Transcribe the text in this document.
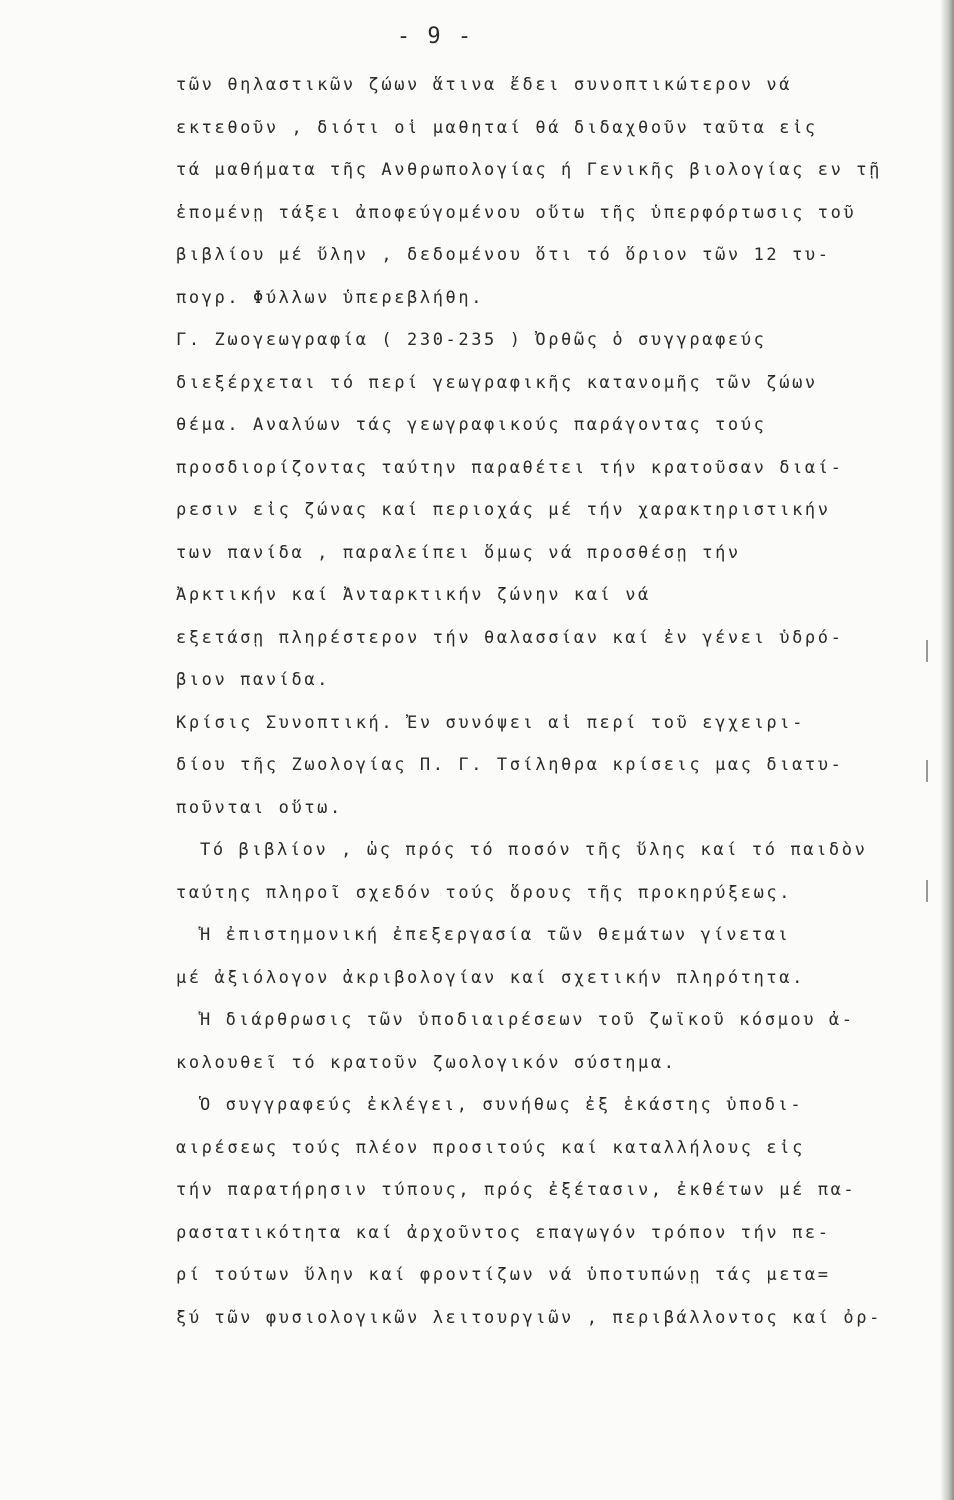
- 9 -
τῶν θηλαστικῶν ζώων ἅτινα ἔδει συνοπτικώτερον νά
εκτεθοῦν , διότι οἱ μαθηταί θά διδαχθοῦν ταῦτα εἰς
τά μαθήματα τῆς Ανθρωπολογίας ή Γενικῆς βιολογίας εν τῇ
ἑπομένῃ τάξει ἀποφεύγομένου οὕτω τῆς ὑπερφόρτωσις τοῦ
βιβλίου μέ ὕλην , δεδομένου ὅτι τό ὅριον τῶν 12 τυ-
πογρ. Φύλλων ὑπερεβλήθη.
Γ. Ζωογεωγραφία ( 230-235 ) Ὀρθῶς ὁ συγγραφεύς
διεξέρχεται τό περί γεωγραφικῆς κατανομῆς τῶν ζώων
θέμα. Αναλύων τάς γεωγραφικούς παράγοντας τούς
προσδιορίζοντας ταύτην παραθέτει τήν κρατοῦσαν διαί-
ρεσιν εἰς ζώνας καί περιοχάς μέ τήν χαρακτηριστικήν
των πανίδα , παραλείπει ὅμως νά προσθέσῃ τήν
Ἀρκτικήν καί Ἀνταρκτικήν ζώνην καί νά
εξετάσῃ πληρέστερον τήν θαλασσίαν καί ἐν γένει ὑδρό-
βιον πανίδα.
Κρίσις Συνοπτική. Ἐν συνόψει αἱ περί τοῦ εγχειρι-
δίου τῆς Ζωολογίας Π. Γ. Τσίληθρα κρίσεις μας διατυ-
ποῦνται οὕτω.
Τό βιβλίον , ὡς πρός τό ποσόν τῆς ὕλης καί τό παιδὸν
ταύτης πληροῖ σχεδόν τούς ὅρους τῆς προκηρύξεως.
Ἡ ἐπιστημονική ἐπεξεργασία τῶν θεμάτων γίνεται
μέ ἀξιόλογον ἀκριβολογίαν καί σχετικήν πληρότητα.
Ἡ διάρθρωσις τῶν ὑποδιαιρέσεων τοῦ ζωϊκοῦ κόσμου ἀ-
κολουθεῖ τό κρατοῦν ζωολογικόν σύστημα.
Ὁ συγγραφεύς ἐκλέγει, συνήθως ἐξ ἑκάστης ὑποδι-
αιρέσεως τούς πλέον προσιτούς καί καταλλήλους εἰς
τήν παρατήρησιν τύπους, πρός ἐξέτασιν, ἐκθέτων μέ πα-
ραστατικότητα καί ἀρχοῦντος επαγωγόν τρόπον τήν πε-
ρί τούτων ὕλην καί φροντίζων νά ὑποτυπώνῃ τάς μετα=
ξύ τῶν φυσιολογικῶν λειτουργιῶν , περιβάλλοντος καί ὀρ-
